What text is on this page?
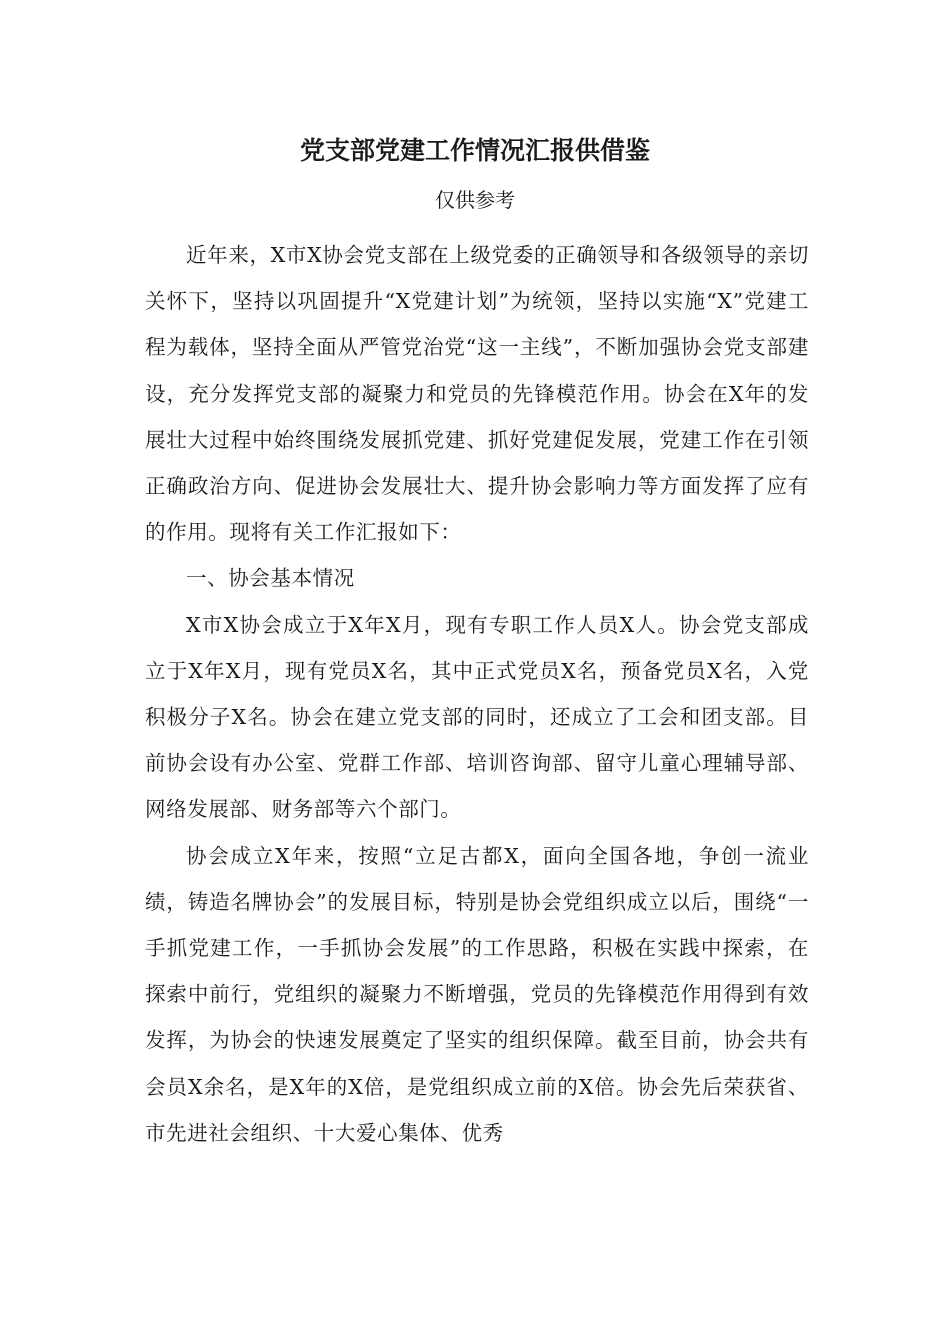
党支部党建工作情况汇报供借鉴
仅供参考

近年来，X市X协会党支部在上级党委的正确领导和各级领导的亲切关怀下，坚持以巩固提升“X党建计划”为统领，坚持以实施“X”党建工程为载体，坚持全面从严管党治党“这一主线”，不断加强协会党支部建设，充分发挥党支部的凝聚力和党员的先锋模范作用。协会在X年的发展壮大过程中始终围绕发展抓党建、抓好党建促发展，党建工作在引领正确政治方向、促进协会发展壮大、提升协会影响力等方面发挥了应有的作用。现将有关工作汇报如下：

一、协会基本情况

X市X协会成立于X年X月，现有专职工作人员X人。协会党支部成立于X年X月，现有党员X名，其中正式党员X名，预备党员X名，入党积极分子X名。协会在建立党支部的同时，还成立了工会和团支部。目前协会设有办公室、党群工作部、培训咨询部、留守儿童心理辅导部、网络发展部、财务部等六个部门。

协会成立X年来，按照“立足古都X，面向全国各地，争创一流业绩，铸造名牌协会”的发展目标，特别是协会党组织成立以后，围绕“一手抓党建工作，一手抓协会发展”的工作思路，积极在实践中探索，在探索中前行，党组织的凝聚力不断增强，党员的先锋模范作用得到有效发挥，为协会的快速发展奠定了坚实的组织保障。截至目前，协会共有会员X余名，是X年的X倍，是党组织成立前的X倍。协会先后荣获省、市先进社会组织、十大爱心集体、优秀
